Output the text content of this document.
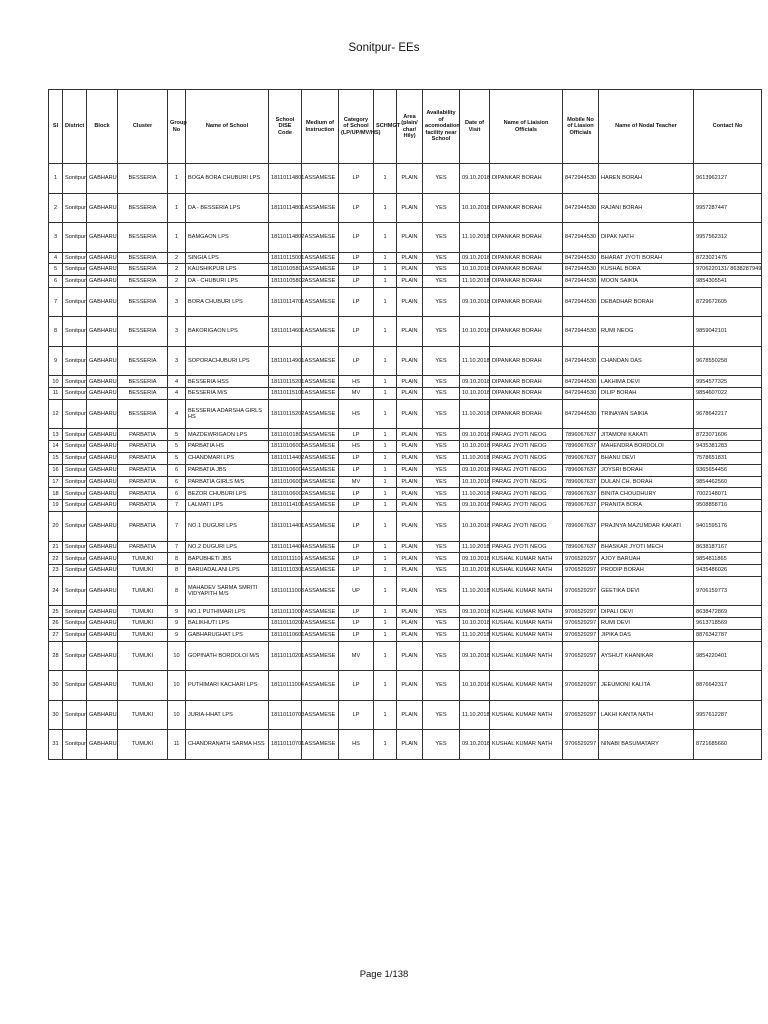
Sonitpur- EEs
Sl	District	Block	Cluster	Group No	Name of School	School DISE Code	Medium of Instruction	Category of School (LP/UP/MV/HS)	SCHMGT	Area (plain/ char/ Hily)	Availability of acomodation facility near School	Date of Visit	Name of Liaision Officials	Mobile No of Liasion Officials	Name of Nodal Teacher	Contact No
1	Sonitpur	GABHARU	BESSERIA	1	BOGA BORA CHUBURI LPS	18110114801	ASSAMESE	LP	1	PLAIN	YES	09.10.2018	DIPANKAR BORAH	8472944530	HAREN BORAH	9613962127
2	Sonitpur	GABHARU	BESSERIA	1	DA - BESSERIA LPS	18110114801	ASSAMESE	LP	1	PLAIN	YES	10.10.2018	DIPANKAR BORAH	8472944530	RAJANI BORAH	9957287447
3	Sonitpur	GABHARU	BESSERIA	1	BAMGAON LPS	18110114802	ASSAMESE	LP	1	PLAIN	YES	11.10.2018	DIPANKAR BORAH	8472944530	DIPAK NATH	9957562312
4	Sonitpur	GABHARU	BESSERIA	2	SINGIA LPS	18110115001	ASSAMESE	LP	1	PLAIN	YES	09.10.2018	DIPANKAR BORAH	8472944530	BHARAT JYOTI BORAH	8723021476
5	Sonitpur	GABHARU	BESSERIA	2	KAUSHIKPUR LPS	18110105801	ASSAMESE	LP	1	PLAIN	YES	10.10.2018	DIPANKAR BORAH	8472944530	KUSHAL BORA	9706220131/ 8638287949
6	Sonitpur	GABHARU	BESSERIA	2	DA - CHUBURI LPS	18110105802	ASSAMESE	LP	1	PLAIN	YES	11.10.2018	DIPANKAR BORAH	8472944530	MOON SAIKIA	9854305541
7	Sonitpur	GABHARU	BESSERIA	3	BORA CHUBURI LPS	18110114701	ASSAMESE	LP	1	PLAIN	YES	09.10.2018	DIPANKAR BORAH	8472944530	DEBADHAR BORAH	8729672605
8	Sonitpur	GABHARU	BESSERIA	3	BAKORIGAON LPS	18110114601	ASSAMESE	LP	1	PLAIN	YES	10.10.2018	DIPANKAR BORAH	8472944530	RUMI NEOG	9859042101
9	Sonitpur	GABHARU	BESSERIA	3	SOPORACHUBURI LPS	18110114901	ASSAMESE	LP	1	PLAIN	YES	11.10.2018	DIPANKAR BORAH	8472944530	CHANDAN DAS	9678550258
10	Sonitpur	GABHARU	BESSERIA	4	BESSERIA HSS	18110115201	ASSAMESE	HS	1	PLAIN	YES	09.10.2018	DIPANKAR BORAH	8472944530	LAKHIMA DEVI	9954577325
11	Sonitpur	GABHARU	BESSERIA	4	BESSERIA M/S	18110115101	ASSAMESE	MV	1	PLAIN	YES	10.10.2018	DIPANKAR BORAH	8472944530	DILIP BORAH	9854607022
12	Sonitpur	GABHARU	BESSERIA	4	BESSERIA ADARSHA GIRLS HS	18110115202	ASSAMESE	HS	1	PLAIN	YES	11.10.2018	DIPANKAR BORAH	8472944530	TRINAYAN SAIKIA	9678642217
13	Sonitpur	GABHARU	PARBATIA	5	MAZDEWRIGAON LPS	18110101803	ASSAMESE	LP	1	PLAIN	YES	09.10.2018	PARAG JYOTI NEOG	7896067637	JITAMONI KAKATI	8723071606
14	Sonitpur	GABHARU	PARBATIA	5	PARBATIA HS	18110106005	ASSAMESE	HS	1	PLAIN	YES	10.10.2018	PARAG JYOTI NEOG	7896067637	MAHENDRA BORDOLOI	9435381283
15	Sonitpur	GABHARU	PARBATIA	5	CHANDMARI LPS	18110114402	ASSAMESE	LP	1	PLAIN	YES	11.10.2018	PARAG JYOTI NEOG	7896067637	BHANU DEVI	7578651831
16	Sonitpur	GABHARU	PARBATIA	6	PARBATIA JBS	18110106004	ASSAMESE	LP	1	PLAIN	YES	09.10.2018	PARAG JYOTI NEOG	7896067637	JOYSRI BORAH	9365654456
17	Sonitpur	GABHARU	PARBATIA	6	PARBATIA GIRLS M/S	18110106003	ASSAMESE	MV	1	PLAIN	YES	10.10.2018	PARAG JYOTI NEOG	7896067637	DULAN CH. BORAH	9854462560
18	Sonitpur	GABHARU	PARBATIA	6	BEZOR CHUBURI LPS	18110106002	ASSAMESE	LP	1	PLAIN	YES	11.10.2018	PARAG JYOTI NEOG	7896067637	BINITA CHOUDHURY	7002148071
19	Sonitpur	GABHARU	PARBATIA	7	LALMATI LPS	18110114101	ASSAMESE	LP	1	PLAIN	YES	09.10.2018	PARAG JYOTI NEOG	7896067637	PRANITA BORA	9508858716
20	Sonitpur	GABHARU	PARBATIA	7	NO.1 DUGURI LPS	18110114401	ASSAMESE	LP	1	PLAIN	YES	10.10.2018	PARAG JYOTI NEOG	7896067637	PRAJNYA MAZUMDAR KAKATI	9401595176
21	Sonitpur	GABHARU	PARBATIA	7	NO.2 DUGURI LPS	18110114404	ASSAMESE	LP	1	PLAIN	YES	11.10.2018	PARAG JYOTI NEOG	7896067637	BHASKAR JYOTI MECH	8638187167
22	Sonitpur	GABHARU	TUMUKI	8	BAPUBHETI JBS	18110111101	ASSAMESE	LP	1	PLAIN	YES	09.10.2018	KUSHAL KUMAR NATH	9706529297	AJOY BARUAH	9854811865
23	Sonitpur	GABHARU	TUMUKI	8	BARUADALANI LPS	18110110301	ASSAMESE	LP	1	PLAIN	YES	10.10.2018	KUSHAL KUMAR NATH	9706529297	PRODIP BORAH	9435486026
24	Sonitpur	GABHARU	TUMUKI	8	MAHADEV SARMA SMRITI VIDYAPITH M/S	18110111003	ASSAMESE	UP	1	PLAIN	YES	11.10.2018	KUSHAL KUMAR NATH	9706529297	GEETIKA DEVI	9706159773
25	Sonitpur	GABHARU	TUMUKI	9	NO.1 PUTHIMARI LPS	18110111002	ASSAMESE	LP	1	PLAIN	YES	09.10.2018	KUSHAL KUMAR NATH	9706529297	DIPALI DEVI	8638472869
26	Sonitpur	GABHARU	TUMUKI	9	BALIKHUTI LPS	18110110202	ASSAMESE	LP	1	PLAIN	YES	10.10.2018	KUSHAL KUMAR NATH	9706529297	RUMI DEVI	9613718569
27	Sonitpur	GABHARU	TUMUKI	9	GABHARUGHAT LPS	18110110601	ASSAMESE	LP	1	PLAIN	YES	11.10.2018	KUSHAL KUMAR NATH	9706529297	JIPIKA DAS	8876342787
28	Sonitpur	GABHARU	TUMUKI	10	GOPINATH BORDOLOI M/S	18110110201	ASSAMESE	MV	1	PLAIN	YES	09.10.2018	KUSHAL KUMAR NATH	9706529297	AYSHUT KHANIKAR	9854220401
30	Sonitpur	GABHARU	TUMUKI	10	PUTHIMARI KACHARI LPS	18110111004	ASSAMESE	LP	1	PLAIN	YES	10.10.2018	KUSHAL KUMAR NATH	9706529297	JEEUMONI KALITA	8876642317
30	Sonitpur	GABHARU	TUMUKI	10	JURIA-HHAT LPS	18110110703	ASSAMESE	LP	1	PLAIN	YES	11.10.2018	KUSHAL KUMAR NATH	9706529297	LAKHI KANTA NATH	9957612287
31	Sonitpur	GABHARU	TUMUKI	11	CHANDRANATH SARMA HSS	18110110701	ASSAMESE	HS	1	PLAIN	YES	09.10.2018	KUSHAL KUMAR NATH	9706529297	NINABI BASUMATARY	8721685660
Page 1/138
